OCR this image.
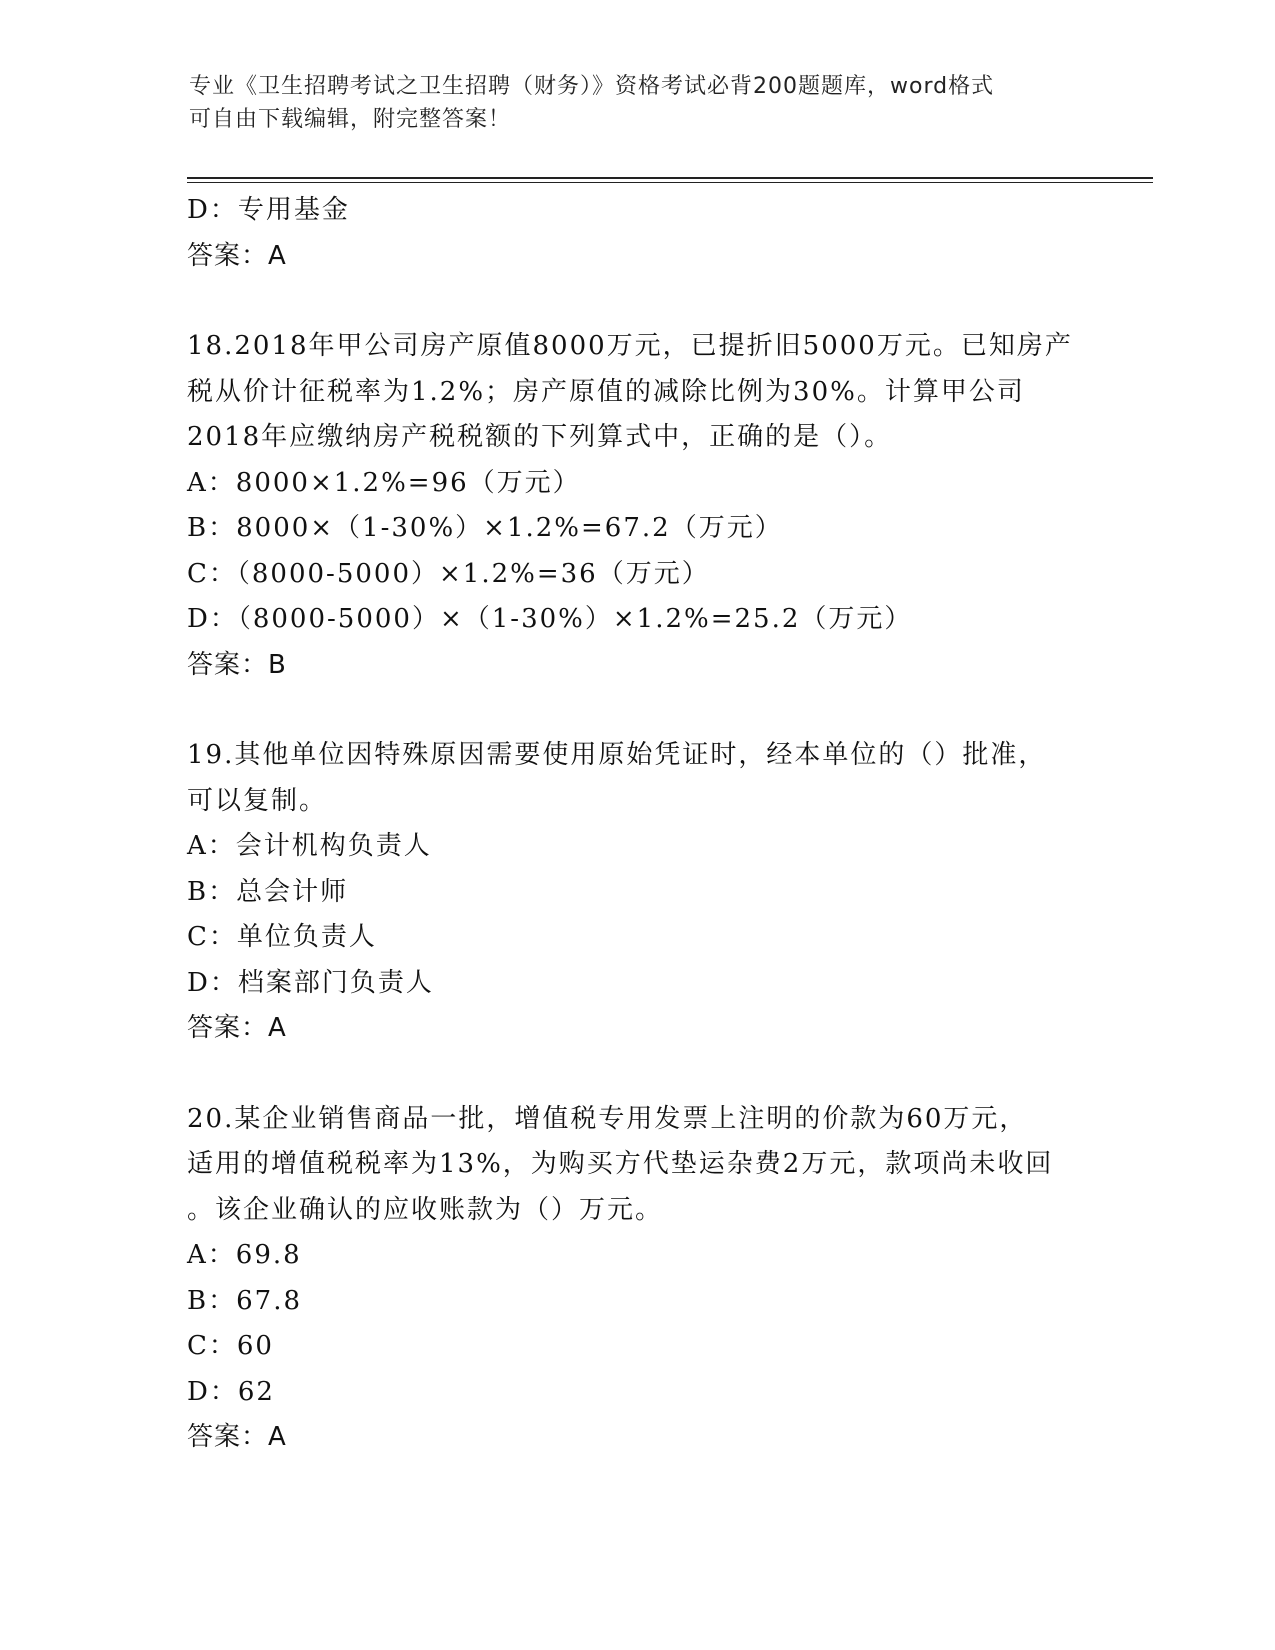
专业《卫生招聘考试之卫生招聘（财务）》资格考试必背200题题库，word格式
可自由下载编辑，附完整答案！
D：专用基金
答案：A
18.2018年甲公司房产原值8000万元，已提折旧5000万元。已知房产
税从价计征税率为1.2%；房产原值的减除比例为30%。计算甲公司
2018年应缴纳房产税税额的下列算式中，正确的是（）。
A：8000×1.2%=96（万元）
B：8000×（1-30%）×1.2%=67.2（万元）
C：（8000-5000）×1.2%=36（万元）
D：（8000-5000）×（1-30%）×1.2%=25.2（万元）
答案：B
19.其他单位因特殊原因需要使用原始凭证时，经本单位的（）批准，
可以复制。
A：会计机构负责人
B：总会计师
C：单位负责人
D：档案部门负责人
答案：A
20.某企业销售商品一批，增值税专用发票上注明的价款为60万元，
适用的增值税税率为13%，为购买方代垫运杂费2万元，款项尚未收回
。该企业确认的应收账款为（）万元。
A：69.8
B：67.8
C：60
D：62
答案：A
